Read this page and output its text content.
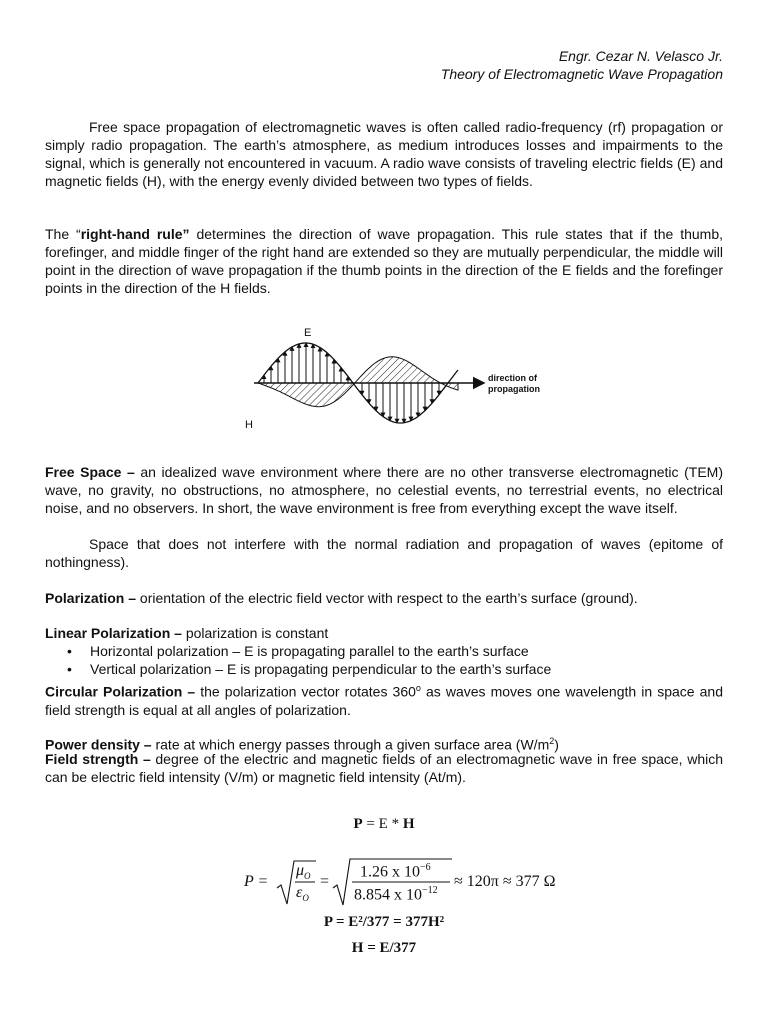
Engr. Cezar N. Velasco Jr.
Theory of Electromagnetic Wave Propagation

Free space propagation of electromagnetic waves is often called radio-frequency (rf) propagation or simply radio propagation. The earth’s atmosphere, as medium introduces losses and impairments to the signal, which is generally not encountered in vacuum. A radio wave consists of traveling electric fields (E) and magnetic fields (H), with the energy evenly divided between two types of fields.

The “right-hand rule” determines the direction of wave propagation. This rule states that if the thumb, forefinger, and middle finger of the right hand are extended so they are mutually perpendicular, the middle will point in the direction of wave propagation if the thumb points in the direction of the E fields and the forefinger points in the direction of the H fields.

E
H
direction of
propagation

Free Space – an idealized wave environment where there are no other transverse electromagnetic (TEM) wave, no gravity, no obstructions, no atmosphere, no celestial events, no terrestrial events, no electrical noise, and no observers. In short, the wave environment is free from everything except the wave itself.

Space that does not interfere with the normal radiation and propagation of waves (epitome of nothingness).

Polarization – orientation of the electric field vector with respect to the earth’s surface (ground).

Linear Polarization – polarization is constant

• Horizontal polarization – E is propagating parallel to the earth’s surface
• Vertical polarization – E is propagating perpendicular to the earth’s surface

Circular Polarization – the polarization vector rotates 360$^o$ as waves moves one wavelength in space and field strength is equal at all angles of polarization.

Power density – rate at which energy passes through a given surface area $(W/m^2)$

Field strength – degree of the electric and magnetic fields of an electromagnetic wave in free space, which can be electric field intensity (V/m) or magnetic field intensity (At/m).

P = E * H
P =
$\mu_O$
$\varepsilon_O$
=
1.26 x $10^{-6}$
8.854 x $10^{-12}$
≈ 120π ≈ 377 Ω
P = E²/377 = 377H²
H = E/377
